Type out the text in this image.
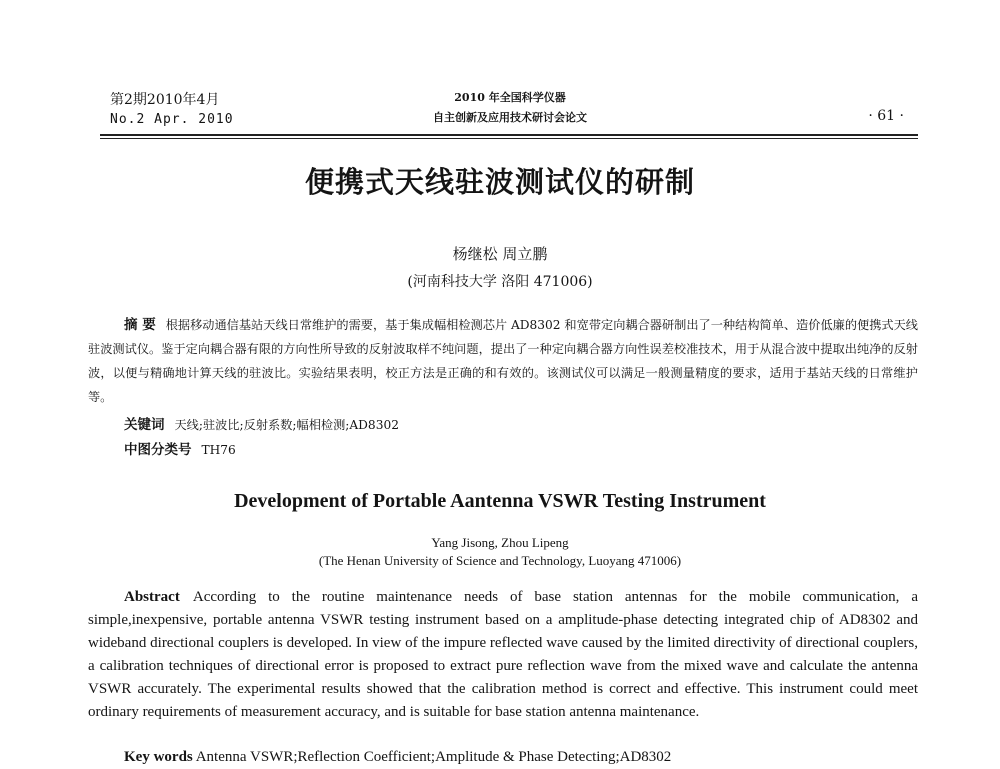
第2期2010年4月
No.2 Apr. 2010
2010 年全国科学仪器
自主创新及应用技术研讨会论文	· 61 ·
便携式天线驻波测试仪的研制
杨继松 周立鹏
(河南科技大学 洛阳 471006)
摘 要 根据移动通信基站天线日常维护的需要，基于集成幅相检测芯片 AD8302 和宽带定向耦合器研制出了一种结构简单、造价低廉的便携式天线驻波测试仪。鉴于定向耦合器有限的方向性所导致的反射波取样不纯问题，提出了一种定向耦合器方向性误差校准技术，用于从混合波中提取出纯净的反射波，以便与精确地计算天线的驻波比。实验结果表明，校正方法是正确的和有效的。该测试仪可以满足一般测量精度的要求，适用于基站天线的日常维护等。
关键词 天线;驻波比;反射系数;幅相检测;AD8302
中图分类号 TH76
Development of Portable Aantenna VSWR Testing Instrument
Yang Jisong, Zhou Lipeng
(The Henan University of Science and Technology, Luoyang 471006)
Abstract According to the routine maintenance needs of base station antennas for the mobile communication, a simple,inexpensive, portable antenna VSWR testing instrument based on a amplitude-phase detecting integrated chip of AD8302 and wideband directional couplers is developed. In view of the impure reflected wave caused by the limited directivity of directional couplers, a calibration techniques of directional error is proposed to extract pure reflection wave from the mixed wave and calculate the antenna VSWR accurately. The experimental results showed that the calibration method is correct and effective. This instrument could meet ordinary requirements of measurement accuracy, and is suitable for base station antenna maintenance.
Key words Antenna VSWR;Reflection Coefficient;Amplitude & Phase Detecting;AD8302
